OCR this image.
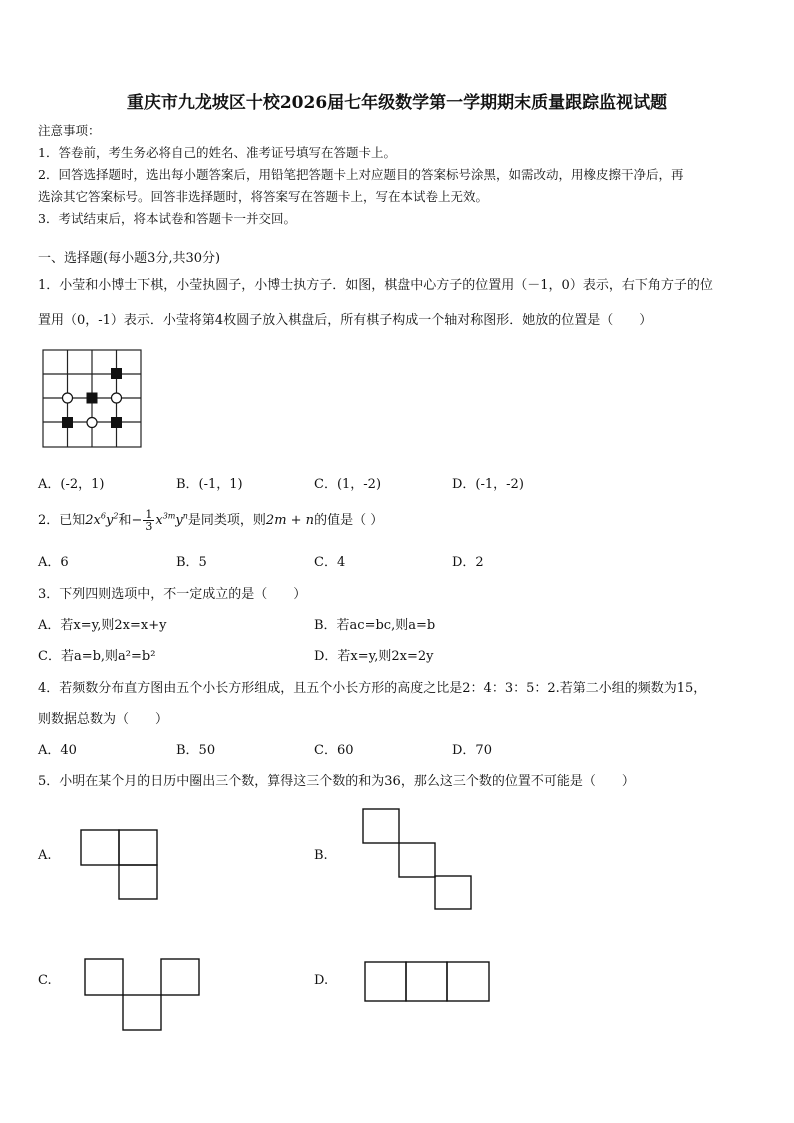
重庆市九龙坡区十校2026届七年级数学第一学期期末质量跟踪监视试题
注意事项：
1．答卷前，考生务必将自己的姓名、准考证号填写在答题卡上。
2．回答选择题时，选出每小题答案后，用铅笔把答题卡上对应题目的答案标号涂黑，如需改动，用橡皮擦干净后，再
选涂其它答案标号。回答非选择题时，将答案写在答题卡上，写在本试卷上无效。
3．考试结束后，将本试卷和答题卡一并交回。
一、选择题(每小题3分,共30分)
1．小莹和小博士下棋，小莹执圆子，小博士执方子．如图，棋盘中心方子的位置用（－1，0）表示，右下角方子的位
置用（0，-1）表示．小莹将第4枚圆子放入棋盘后，所有棋子构成一个轴对称图形．她放的位置是（　　）
A．(-2，1)	B．(-1，1)	C．(1，-2)	D．(-1，-2)
2．已知$2x^6y^2$和− $\frac{1}{3} x^{3m}y^n$是同类项，则2m + n的值是（ ）
A．6	B．5	C．4	D．2
3．下列四则选项中，不一定成立的是（　　）
A．若x=y,则2x=x+y	B．若ac=bc,则a=b
C．若a=b,则a²=b²	D．若x=y,则2x=2y
4．若频数分布直方图由五个小长方形组成，且五个小长方形的高度之比是2：4：3：5：2.若第二小组的频数为15，
则数据总数为（　　）
A．40	B．50	C．60	D．70
5．小明在某个月的日历中圈出三个数，算得这三个数的和为36，那么这三个数的位置不可能是（　　）
A.	B.
C.	D.
